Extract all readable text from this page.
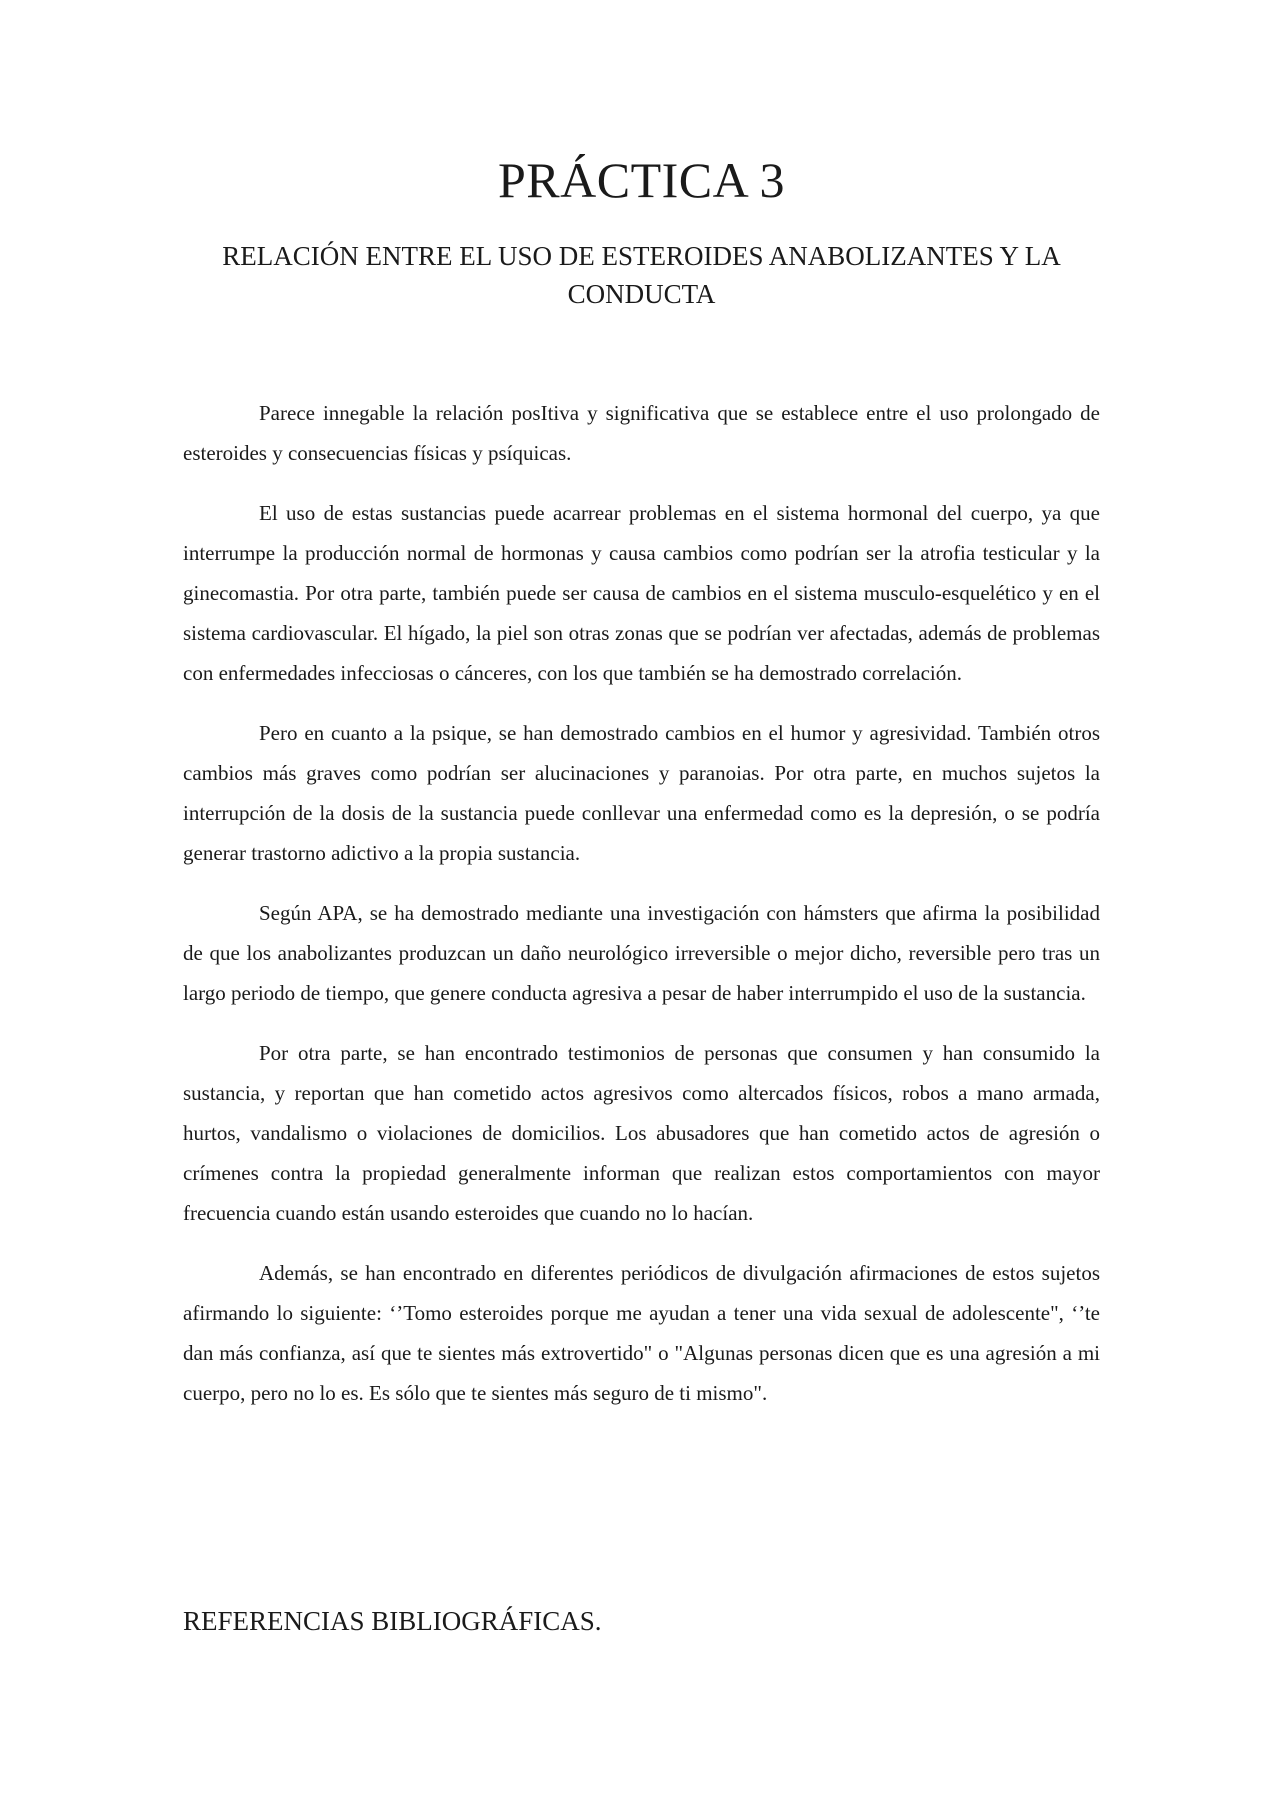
PRÁCTICA 3
RELACIÓN ENTRE EL USO DE ESTEROIDES ANABOLIZANTES Y LA CONDUCTA

Parece innegable la relación posItiva y significativa que se establece entre el uso prolongado de esteroides y consecuencias físicas y psíquicas.

El uso de estas sustancias puede acarrear problemas en el sistema hormonal del cuerpo, ya que interrumpe la producción normal de hormonas y causa cambios como podrían ser la atrofia testicular y la ginecomastia. Por otra parte, también puede ser causa de cambios en el sistema musculo-esquelético y en el sistema cardiovascular. El hígado, la piel son otras zonas que se podrían ver afectadas, además de problemas con enfermedades infecciosas o cánceres, con los que también se ha demostrado correlación.

Pero en cuanto a la psique, se han demostrado cambios en el humor y agresividad. También otros cambios más graves como podrían ser alucinaciones y paranoias. Por otra parte, en muchos sujetos la interrupción de la dosis de la sustancia puede conllevar una enfermedad como es la depresión, o se podría generar trastorno adictivo a la propia sustancia.

Según APA, se ha demostrado mediante una investigación con hámsters que afirma la posibilidad de que los anabolizantes produzcan un daño neurológico irreversible o mejor dicho, reversible pero tras un largo periodo de tiempo, que genere conducta agresiva a pesar de haber interrumpido el uso de la sustancia.

Por otra parte, se han encontrado testimonios de personas que consumen y han consumido la sustancia, y reportan que han cometido actos agresivos como altercados físicos, robos a mano armada, hurtos, vandalismo o violaciones de domicilios. Los abusadores que han cometido actos de agresión o crímenes contra la propiedad generalmente informan que realizan estos comportamientos con mayor frecuencia cuando están usando esteroides que cuando no lo hacían.

Además, se han encontrado en diferentes periódicos de divulgación afirmaciones de estos sujetos afirmando lo siguiente: ‘’Tomo esteroides porque me ayudan a tener una vida sexual de adolescente", ‘’te dan más confianza, así que te sientes más extrovertido" o "Algunas personas dicen que es una agresión a mi cuerpo, pero no lo es. Es sólo que te sientes más seguro de ti mismo".

REFERENCIAS BIBLIOGRÁFICAS.
